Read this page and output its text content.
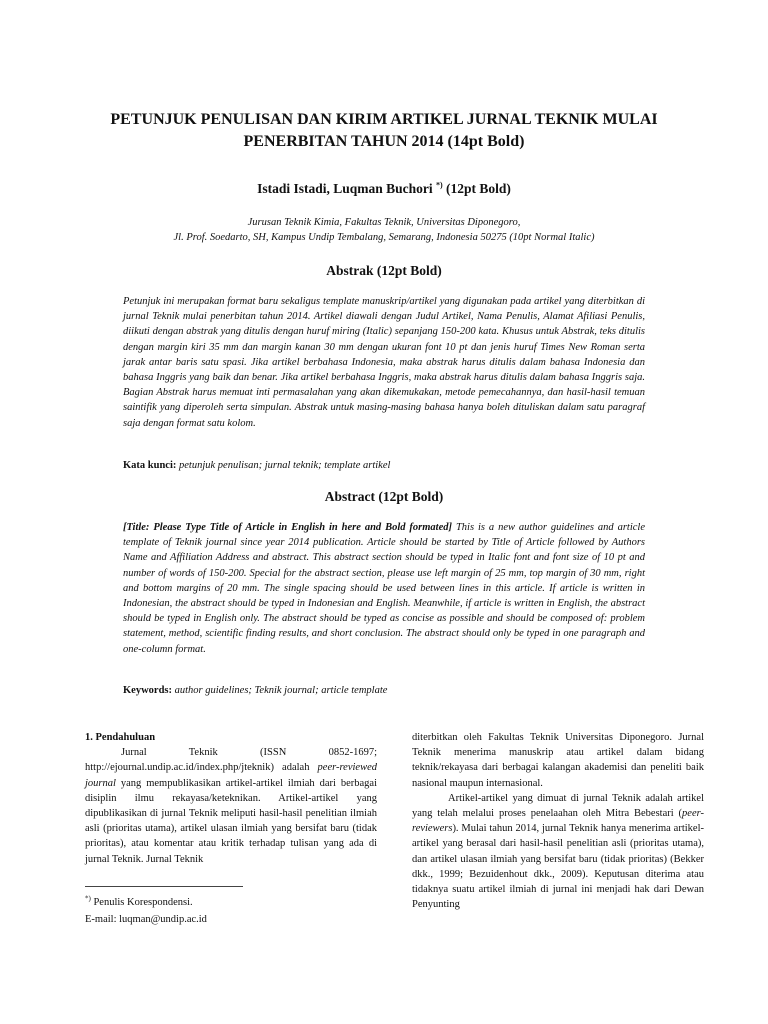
PETUNJUK PENULISAN DAN KIRIM ARTIKEL JURNAL TEKNIK MULAI PENERBITAN TAHUN 2014 (14pt Bold)
Istadi Istadi, Luqman Buchori *) (12pt Bold)
Jurusan Teknik Kimia, Fakultas Teknik, Universitas Diponegoro,
Jl. Prof. Soedarto, SH, Kampus Undip Tembalang, Semarang, Indonesia 50275 (10pt Normal Italic)
Abstrak (12pt Bold)
Petunjuk ini merupakan format baru sekaligus template manuskrip/artikel yang digunakan pada artikel yang diterbitkan di jurnal Teknik mulai penerbitan tahun 2014. Artikel diawali dengan Judul Artikel, Nama Penulis, Alamat Afiliasi Penulis, diikuti dengan abstrak yang ditulis dengan huruf miring (Italic) sepanjang 150-200 kata. Khusus untuk Abstrak, teks ditulis dengan margin kiri 35 mm dan margin kanan 30 mm dengan ukuran font 10 pt dan jenis huruf Times New Roman serta jarak antar baris satu spasi. Jika artikel berbahasa Indonesia, maka abstrak harus ditulis dalam bahasa Indonesia dan bahasa Inggris yang baik dan benar. Jika artikel berbahasa Inggris, maka abstrak harus ditulis dalam bahasa Inggris saja. Bagian Abstrak harus memuat inti permasalahan yang akan dikemukakan, metode pemecahannya, dan hasil-hasil temuan saintifik yang diperoleh serta simpulan. Abstrak untuk masing-masing bahasa hanya boleh dituliskan dalam satu paragraf saja dengan format satu kolom.
Kata kunci: petunjuk penulisan; jurnal teknik; template artikel
Abstract (12pt Bold)
[Title: Please Type Title of Article in English in here and Bold formated] This is a new author guidelines and article template of Teknik journal since year 2014 publication. Article should be started by Title of Article followed by Authors Name and Affiliation Address and abstract. This abstract section should be typed in Italic font and font size of 10 pt and number of words of 150-200. Special for the abstract section, please use left margin of 25 mm, top margin of 30 mm, right and bottom margins of 20 mm. The single spacing should be used between lines in this article. If article is written in Indonesian, the abstract should be typed in Indonesian and English. Meanwhile, if article is written in English, the abstract should be typed in English only. The abstract should be typed as concise as possible and should be composed of: problem statement, method, scientific finding results, and short conclusion. The abstract should only be typed in one paragraph and one-column format.
Keywords: author guidelines; Teknik journal; article template

1. Pendahuluan

Jurnal Teknik (ISSN 0852-1697; http://ejournal.undip.ac.id/index.php/jteknik) adalah peer-reviewed journal yang mempublikasikan artikel-artikel ilmiah dari berbagai disiplin ilmu rekayasa/keteknikan. Artikel-artikel yang dipublikasikan di jurnal Teknik meliputi hasil-hasil penelitian ilmiah asli (prioritas utama), artikel ulasan ilmiah yang bersifat baru (tidak prioritas), atau komentar atau kritik terhadap tulisan yang ada di jurnal Teknik. Jurnal Teknik

*) Penulis Korespondensi.
E-mail: luqman@undip.ac.id

diterbitkan oleh Fakultas Teknik Universitas Diponegoro. Jurnal Teknik menerima manuskrip atau artikel dalam bidang teknik/rekayasa dari berbagai kalangan akademisi dan peneliti baik nasional maupun internasional.

Artikel-artikel yang dimuat di jurnal Teknik adalah artikel yang telah melalui proses penelaahan oleh Mitra Bebestari (peer-reviewers). Mulai tahun 2014, jurnal Teknik hanya menerima artikel-artikel yang berasal dari hasil-hasil penelitian asli (prioritas utama), dan artikel ulasan ilmiah yang bersifat baru (tidak prioritas) (Bekker dkk., 1999; Bezuidenhout dkk., 2009). Keputusan diterima atau tidaknya suatu artikel ilmiah di jurnal ini menjadi hak dari Dewan Penyunting
